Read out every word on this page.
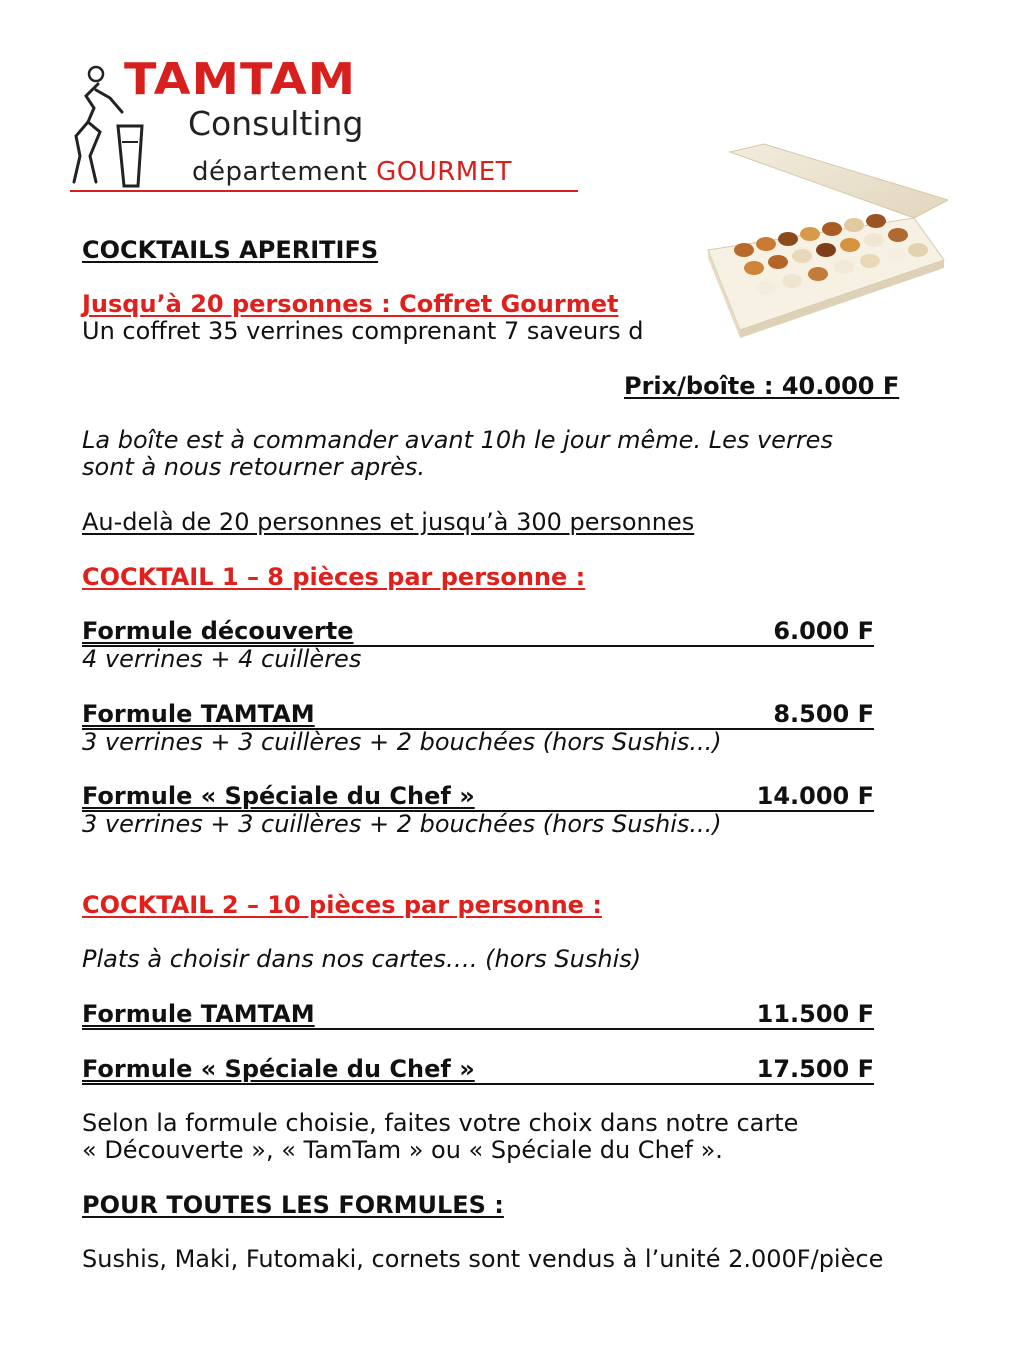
TAMTAM
Consulting
département GOURMET
COCKTAILS APERITIFS
Jusqu’à 20 personnes : Coffret Gourmet
Un coffret 35 verrines comprenant 7 saveurs d
Prix/boîte : 40.000 F
La boîte est à commander avant 10h le jour même. Les verres
sont à nous retourner après.
Au-delà de 20 personnes et jusqu’à 300 personnes
COCKTAIL 1 – 8 pièces par personne :
Formule découverte	6.000 F
4 verrines + 4 cuillères
Formule TAMTAM	8.500 F
3 verrines + 3 cuillères + 2 bouchées (hors Sushis...)
Formule « Spéciale du Chef »	14.000 F
3 verrines + 3 cuillères + 2 bouchées (hors Sushis...)
COCKTAIL 2 – 10 pièces par personne :
Plats à choisir dans nos cartes…. (hors Sushis)
Formule TAMTAM	11.500 F
Formule « Spéciale du Chef »	17.500 F
Selon la formule choisie, faites votre choix dans notre carte
« Découverte », « TamTam » ou « Spéciale du Chef ».
POUR TOUTES LES FORMULES :
Sushis, Maki, Futomaki, cornets sont vendus à l’unité 2.000F/pièce
